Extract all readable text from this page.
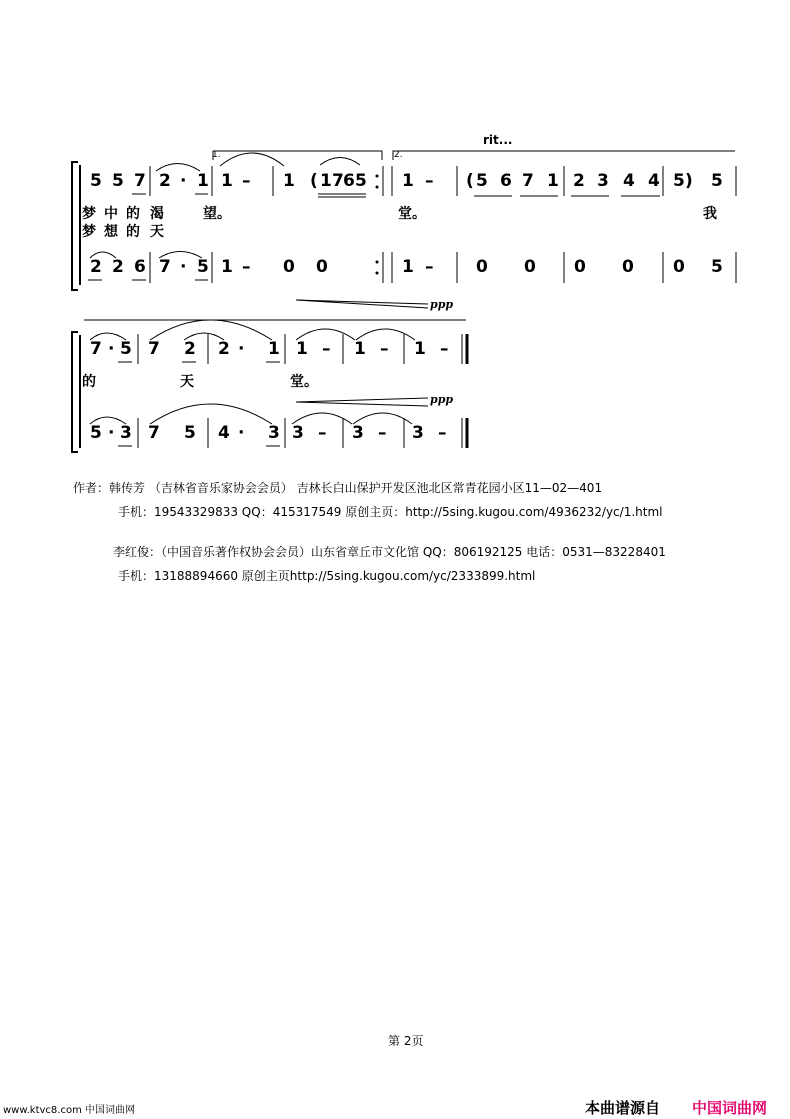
5 5 7 2 · 1 1 – 1 ( 1 7 6 5 1 – ( 5 6 7 1 2 3 4 4 5 ) 5
梦 中 的 渴	望。	堂。	我
梦 想 的 天
2 2 6 7 · 5 1 – 0 0	1 –	0 0 0 0 0 5
7 · 5 7 2 2 · 1 1 – 1 – 1 –
的	天	堂。
5 · 3 7 5 4 · 3 3 – 3 – 3 –
rit...
1.	2.
ppp
ppp
作者：韩传芳 （吉林省音乐家协会会员） 吉林长白山保护开发区池北区常青花园小区11—02—401
手机：19543329833 QQ：415317549 原创主页：http://5sing.kugou.com/4936232/yc/1.html
李红俊：（中国音乐著作权协会会员）山东省章丘市文化馆 QQ：806192125 电话：0531—83228401
手机：13188894660 原创主页http://5sing.kugou.com/yc/2333899.html
第 2页
www.ktvc8.com 中国词曲网	本曲谱源自 中国词曲网
